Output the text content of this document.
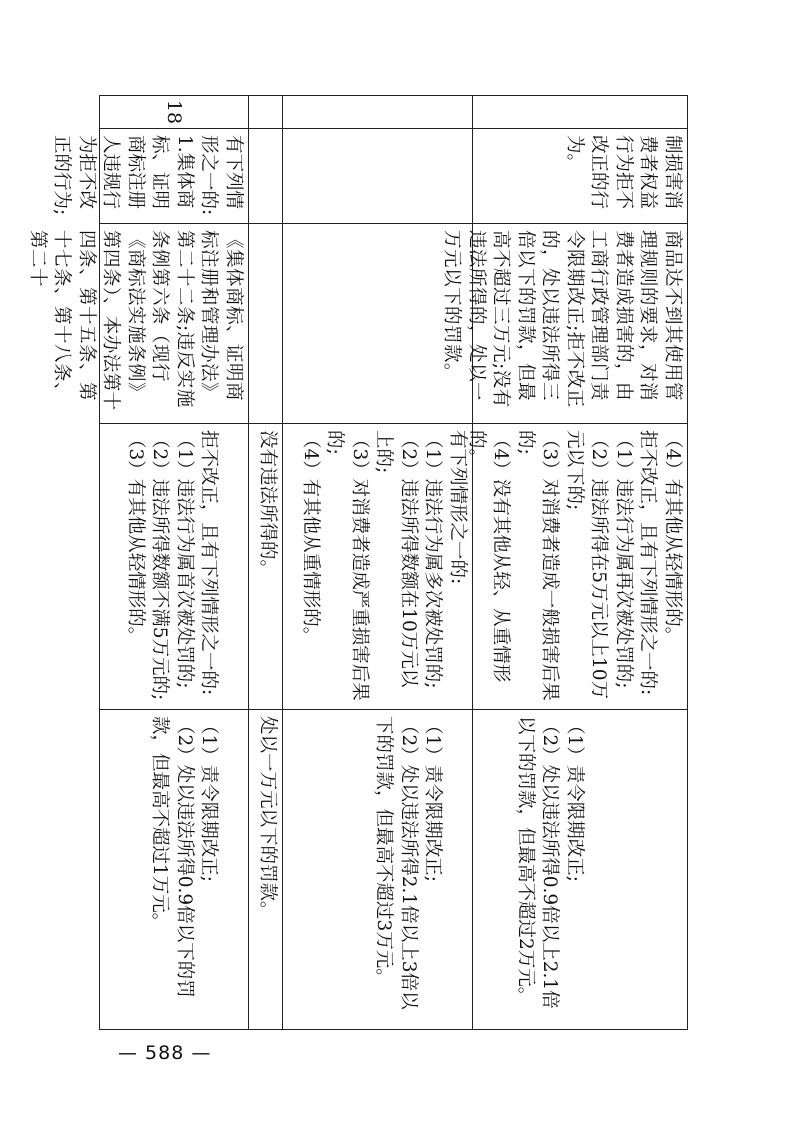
制损害消费者权益行为拒不改正的行为。
商品达不到其使用管理规则的要求，对消费者造成损害的，由工商行政管理部门责令限期改正;拒不改正的，处以违法所得三倍以下的罚款，但最高不超过三万元;没有违法所得的，处以一万元以下的罚款。
（4）有其他从轻情形的。
拒不改正，且有下列情形之一的:
（1）违法行为属再次被处罚的;
（2）违法所得在5万元以上10万元以下的;
（3）对消费者造成一般损害后果的;
（4）没有其他从轻、从重情形的。

（1）责令限期改正;
（2）处以违法所得0.9倍以上2.1倍以下的罚款，但最高不超过2万元。
有下列情形之一的:
（1）违法行为属多次被处罚的;
（2）违法所得数额在10万元以上的;
（3）对消费者造成严重损害后果的;
（4）有其他从重情形的。

（1）责令限期改正;
（2）处以违法所得2.1倍以上3倍以下的罚款，但最高不超过3万元。
没有违法所得的。
处以一万元以下的罚款。
18
有下列情形之一的:
1.集体商标、证明商标注册人违规行为拒不改正的行为;
《集体商标、证明商标注册和管理办法》第二十二条;违反实施条例第六条（现行《商标法实施条例》第四条）、本办法第十四条、第十五条、第十七条、第十八条、第二十

拒不改正，且有下列情形之一的:
（1）违法行为属首次被处罚的;
（2）违法所得数额不满5万元的;
（3）有其他从轻情形的。

（1）责令限期改正;
（2）处以违法所得0.9倍以下的罚款，但最高不超过1万元。
— 588 —
